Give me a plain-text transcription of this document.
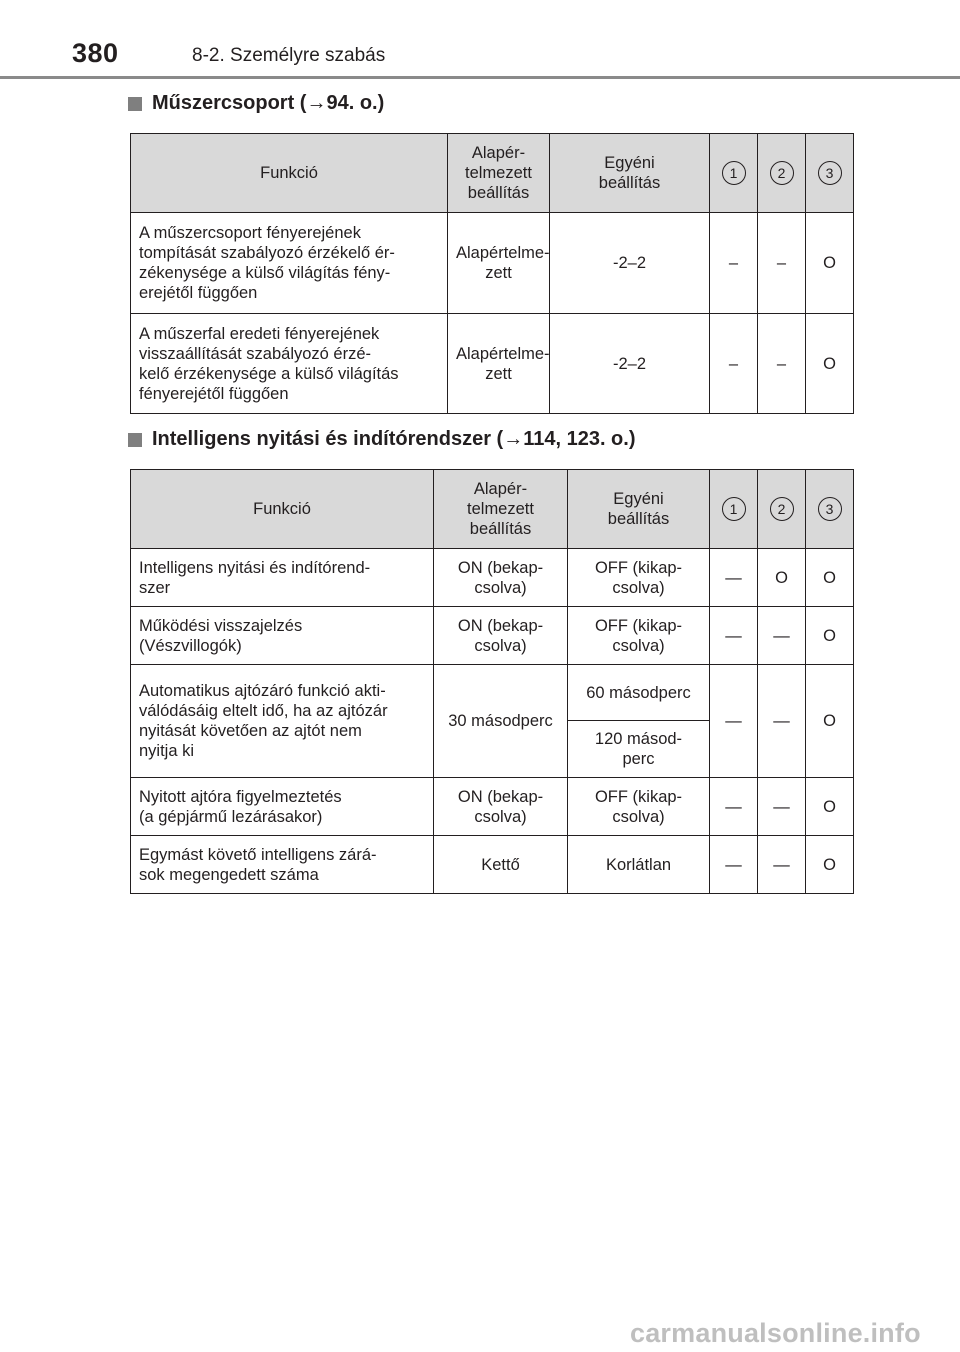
380	8-2. Személyre szabás
Műszercsoport (→94. o.)
Funkció	Alapér-
telmezett
beállítás	Egyéni
beállítás	1	2	3
A műszercsoport fényerejének
tompítását szabályozó érzékelő ér-
zékenysége a külső világítás fény-
erejétől függően	Alapértelme-
zett	-2–2	–	–	O
A műszerfal eredeti fényerejének
visszaállítását szabályozó érzé-
kelő érzékenysége a külső világítás
fényerejétől függően	Alapértelme-
zett	-2–2	–	–	O
Intelligens nyitási és indítórendszer (→114, 123. o.)
Funkció	Alapér-
telmezett
beállítás	Egyéni
beállítás	1	2	3
Intelligens nyitási és indítórend-
szer	ON (bekap-
csolva)	OFF (kikap-
csolva)	—	O	O
Működési visszajelzés
(Vészvillogók)	ON (bekap-
csolva)	OFF (kikap-
csolva)	—	—	O
Automatikus ajtózáró funkció akti-
válódásáig eltelt idő, ha az ajtózár
nyitását követően az ajtót nem
nyitja ki	30 másodperc	60 másodperc	—	—	O
		120 másod-
perc			
Nyitott ajtóra figyelmeztetés
(a gépjármű lezárásakor)	ON (bekap-
csolva)	OFF (kikap-
csolva)	—	—	O
Egymást követő intelligens zárá-
sok megengedett száma	Kettő	Korlátlan	—	—	O
carmanualsonline.info
